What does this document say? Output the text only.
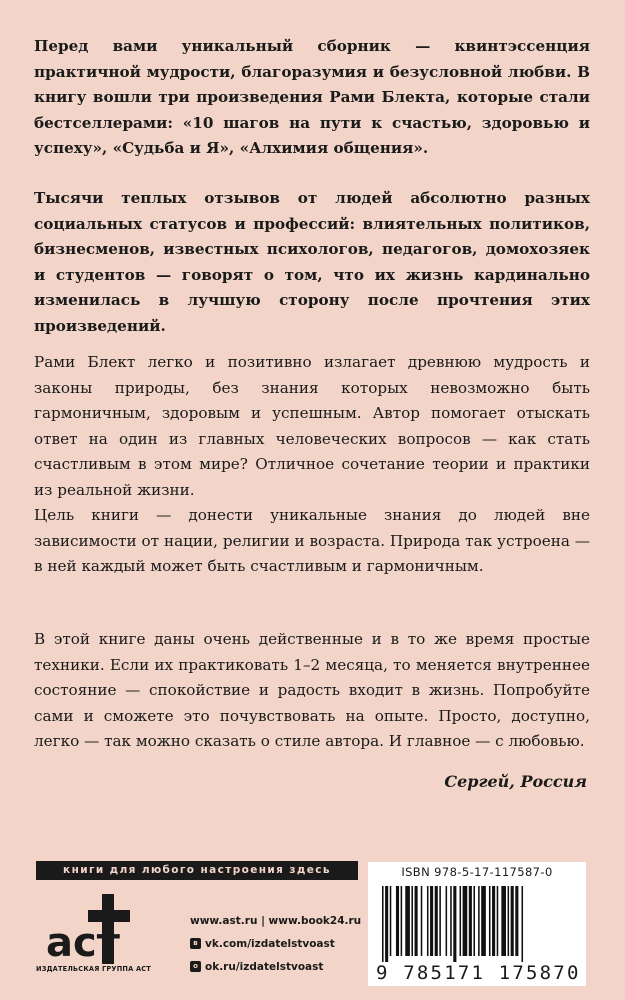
Перед вами уникальный сборник — квинтэссенция практичной мудрости, благоразумия и безусловной любви. В книгу вошли три произведения Рами Блекта, которые стали бестселлерами: «10 шагов на пути к счастью, здоровью и успеху», «Судьба и Я», «Алхимия общения».

Тысячи теплых отзывов от людей абсолютно разных социальных статусов и профессий: влиятельных политиков, бизнесменов, известных психологов, педагогов, домохозяек и студентов — говорят о том, что их жизнь кардинально изменилась в лучшую сторону после прочтения этих произведений.

Рами Блект легко и позитивно излагает древнюю мудрость и законы природы, без знания которых невозможно быть гармоничным, здоровым и успешным. Автор помогает отыскать ответ на один из главных человеческих вопросов — как стать счастливым в этом мире? Отличное сочетание теории и практики из реальной жизни.

Цель книги — донести уникальные знания до людей вне зависимости от нации, религии и возраста. Природа так устроена — в ней каждый может быть счастливым и гармоничным.

В этой книге даны очень действенные и в то же время простые техники. Если их практиковать 1–2 месяца, то меняется внутреннее состояние — спокойствие и радость входит в жизнь. Попробуйте сами и сможете это почувствовать на опыте. Просто, доступно, легко — так можно сказать о стиле автора. И главное — с любовью.

Сергей, Россия
книги для любого настроения здесь
аст
ИЗДАТЕЛЬСКАЯ ГРУППА АСТ
www.ast.ru | www.book24.ru
в vk.com/izdatelstvoast
о ok.ru/izdatelstvoast
ISBN 978-5-17-117587-0
9 785171 175870
